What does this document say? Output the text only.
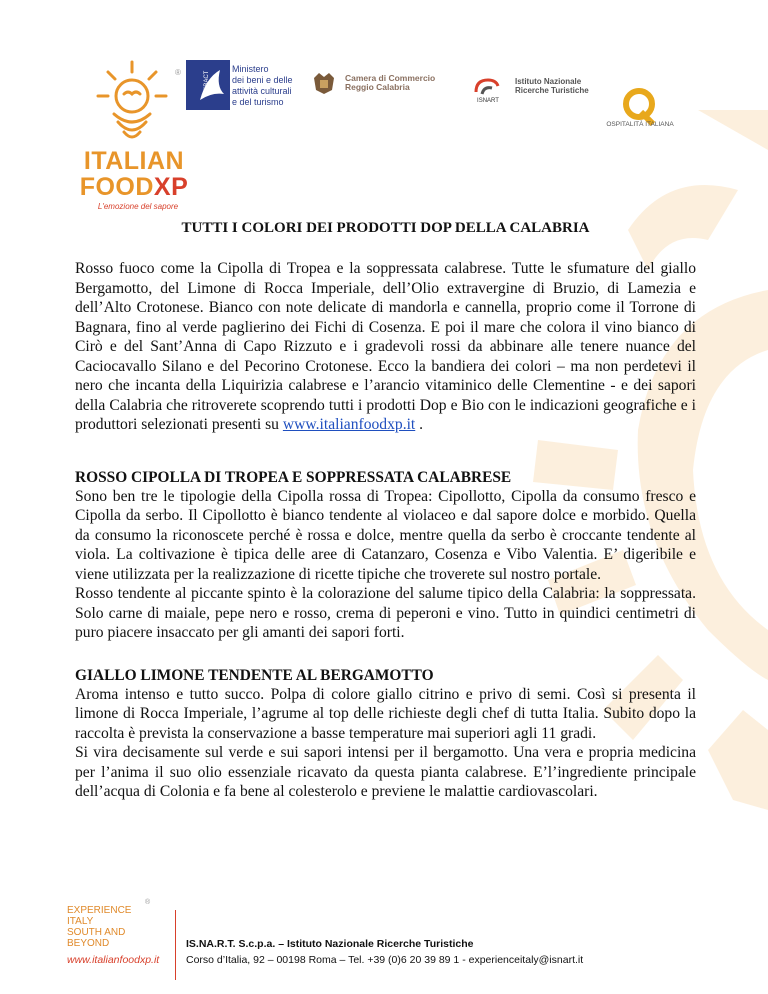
®
ITALIAN
FOODXP
L'emozione del sapore
MiBACT
Ministero
dei beni e delle
attività culturali
e del turismo
Camera di Commercio
Reggio Calabria
ISNART
Istituto Nazionale
Ricerche Turistiche
OSPITALITÀ ITALIANA
TUTTI I COLORI DEI PRODOTTI DOP DELLA CALABRIA

Rosso fuoco come la Cipolla di Tropea e la soppressata calabrese. Tutte le sfumature del giallo Bergamotto, del Limone di Rocca Imperiale, dell’Olio extravergine di Bruzio, di Lamezia e dell’Alto Crotonese. Bianco con note delicate di mandorla e cannella, proprio come il Torrone di Bagnara, fino al verde paglierino dei Fichi di Cosenza. E poi il mare che colora il vino bianco di Cirò e del Sant’Anna di Capo Rizzuto e i gradevoli rossi da abbinare alle tenere nuance del Caciocavallo Silano e del Pecorino Crotonese. Ecco la bandiera dei colori – ma non perdetevi il nero che incanta della Liquirizia calabrese e l’arancio vitaminico delle Clementine - e dei sapori della Calabria che ritroverete scoprendo tutti i prodotti Dop e Bio con le indicazioni geografiche e i produttori selezionati presenti su www.italianfoodxp.it .

ROSSO CIPOLLA DI TROPEA E SOPPRESSATA CALABRESE

Sono ben tre le tipologie della Cipolla rossa di Tropea: Cipollotto, Cipolla da consumo fresco e Cipolla da serbo. Il Cipollotto è bianco tendente al violaceo e dal sapore dolce e morbido. Quella da consumo la riconoscete perché è rossa e dolce, mentre quella da serbo è croccante tendente al viola. La coltivazione è tipica delle aree di Catanzaro, Cosenza e Vibo Valentia. E’ digeribile e viene utilizzata per la realizzazione di ricette tipiche che troverete sul nostro portale.

Rosso tendente al piccante spinto è la colorazione del salume tipico della Calabria: la soppressata. Solo carne di maiale, pepe nero e rosso, crema di peperoni e vino. Tutto in quindici centimetri di puro piacere insaccato per gli amanti dei sapori forti.

GIALLO LIMONE TENDENTE AL BERGAMOTTO

Aroma intenso e tutto succo. Polpa di colore giallo citrino e privo di semi. Così si presenta il limone di Rocca Imperiale, l’agrume al top delle richieste degli chef di tutta Italia. Subito dopo la raccolta è prevista la conservazione a basse temperature mai superiori agli 11 gradi.

Si vira decisamente sul verde e sui sapori intensi per il bergamotto. Una vera e propria medicina per l’anima il suo olio essenziale ricavato da questa pianta calabrese. E’l’ingrediente principale dell’acqua di Colonia e fa bene al colesterolo e previene le malattie cardiovascolari.

EXPERIENCE
ITALY
SOUTH AND
BEYOND
®
www.italianfoodxp.it
IS.NA.R.T. S.c.p.a. – Istituto Nazionale Ricerche Turistiche
Corso d’Italia, 92 – 00198 Roma – Tel. +39 (0)6 20 39 89 1 - experienceitaly@isnart.it
